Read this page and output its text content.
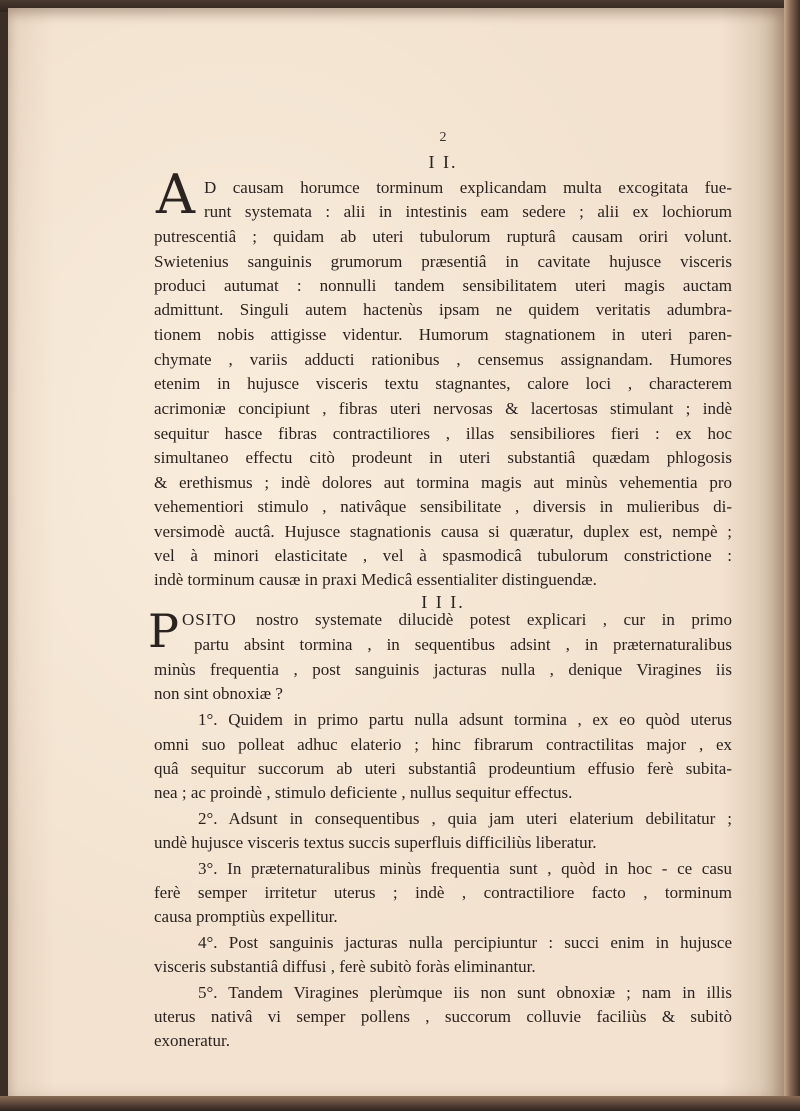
2
I I.
A D causam horumce torminum explicandam multa excogitata fue-
runt systemata : alii in intestinis eam sedere ; alii ex lochiorum
putrescentiâ ; quidam ab uteri tubulorum rupturâ causam oriri volunt.
Swietenius sanguinis grumorum præsentiâ in cavitate hujusce visceris
produci autumat : nonnulli tandem sensibilitatem uteri magis auctam
admittunt. Singuli autem hactenùs ipsam ne quidem veritatis adumbra-
tionem nobis attigisse videntur. Humorum stagnationem in uteri paren-
chymate , variis adducti rationibus , censemus assignandam. Humores
etenim in hujusce visceris textu stagnantes, calore loci , characterem
acrimoniæ concipiunt , fibras uteri nervosas & lacertosas stimulant ; indè
sequitur hasce fibras contractiliores , illas sensibiliores fieri : ex hoc
simultaneo effectu citò prodeunt in uteri substantiâ quædam phlogosis
& erethismus ; indè dolores aut tormina magis aut minùs vehementia pro
vehementiori stimulo , nativâque sensibilitate , diversis in mulieribus di-
versimodè auctâ. Hujusce stagnationis causa si quæratur, duplex est, nempè ;
vel à minori elasticitate , vel à spasmodicâ tubulorum constrictione :
indè torminum causæ in praxi Medicâ essentialiter distinguendæ.
I I I.
P OSITO	nostro systemate dilucidè potest explicari , cur in primo
partu absint tormina , in sequentibus adsint , in præternaturalibus
minùs frequentia , post sanguinis jacturas nulla , denique Viragines iis
non sint obnoxiæ ?
1°. Quidem in primo partu nulla adsunt tormina , ex eo quòd uterus
omni suo polleat adhuc elaterio ; hinc fibrarum contractilitas major , ex
quâ sequitur succorum ab uteri substantiâ prodeuntium effusio ferè subita-
nea ; ac proindè , stimulo deficiente , nullus sequitur effectus.
2°. Adsunt in consequentibus , quia jam uteri elaterium debilitatur ;
undè hujusce visceris textus succis superfluis difficiliùs liberatur.
3°. In præternaturalibus minùs frequentia sunt , quòd in hoc - ce casu
ferè semper irritetur uterus ; indè , contractiliore facto , torminum
causa promptiùs expellitur.
4°. Post sanguinis jacturas nulla percipiuntur : succi enim in hujusce
visceris substantiâ diffusi , ferè subitò foràs eliminantur.
5°. Tandem Viragines plerùmque iis non sunt obnoxiæ ; nam in illis
uterus nativâ vi semper pollens , succorum colluvie faciliùs & subitò
exoneratur.
